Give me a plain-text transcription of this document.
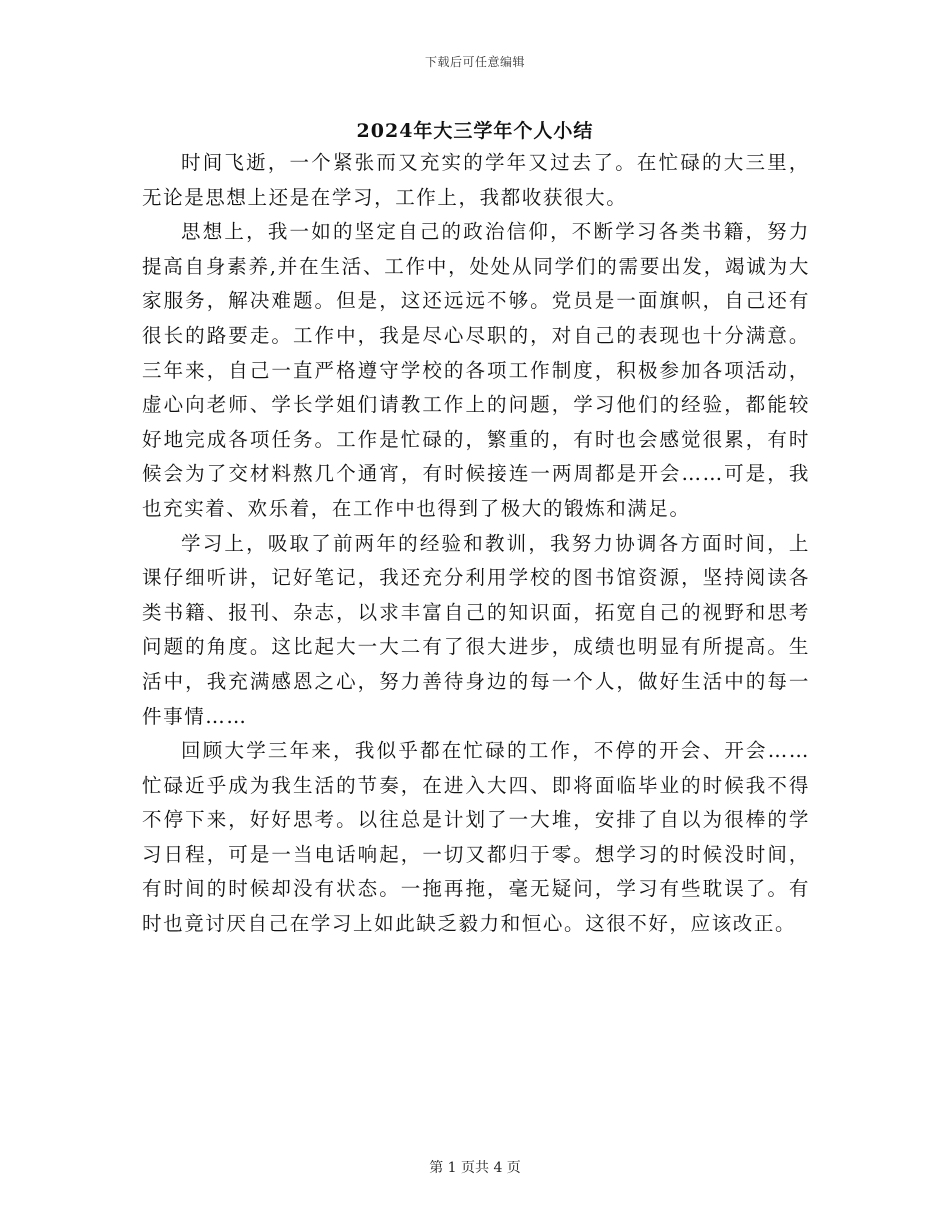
下载后可任意编辑
2024年大三学年个人小结

时间飞逝，一个紧张而又充实的学年又过去了。在忙碌的大三里，无论是思想上还是在学习，工作上，我都收获很大。

思想上，我一如的坚定自己的政治信仰，不断学习各类书籍，努力提高自身素养,并在生活、工作中，处处从同学们的需要出发，竭诚为大家服务，解决难题。但是，这还远远不够。党员是一面旗帜，自己还有很长的路要走。工作中，我是尽心尽职的，对自己的表现也十分满意。三年来，自己一直严格遵守学校的各项工作制度，积极参加各项活动，虚心向老师、学长学姐们请教工作上的问题，学习他们的经验，都能较好地完成各项任务。工作是忙碌的，繁重的，有时也会感觉很累，有时候会为了交材料熬几个通宵，有时候接连一两周都是开会……可是，我也充实着、欢乐着，在工作中也得到了极大的锻炼和满足。

学习上，吸取了前两年的经验和教训，我努力协调各方面时间，上课仔细听讲，记好笔记，我还充分利用学校的图书馆资源，坚持阅读各类书籍、报刊、杂志，以求丰富自己的知识面，拓宽自己的视野和思考问题的角度。这比起大一大二有了很大进步，成绩也明显有所提高。生活中，我充满感恩之心，努力善待身边的每一个人，做好生活中的每一件事情……

回顾大学三年来，我似乎都在忙碌的工作，不停的开会、开会……忙碌近乎成为我生活的节奏，在进入大四、即将面临毕业的时候我不得不停下来，好好思考。以往总是计划了一大堆，安排了自以为很棒的学习日程，可是一当电话响起，一切又都归于零。想学习的时候没时间，有时间的时候却没有状态。一拖再拖，毫无疑问，学习有些耽误了。有时也竟讨厌自己在学习上如此缺乏毅力和恒心。这很不好，应该改正。

第 1 页共 4 页
